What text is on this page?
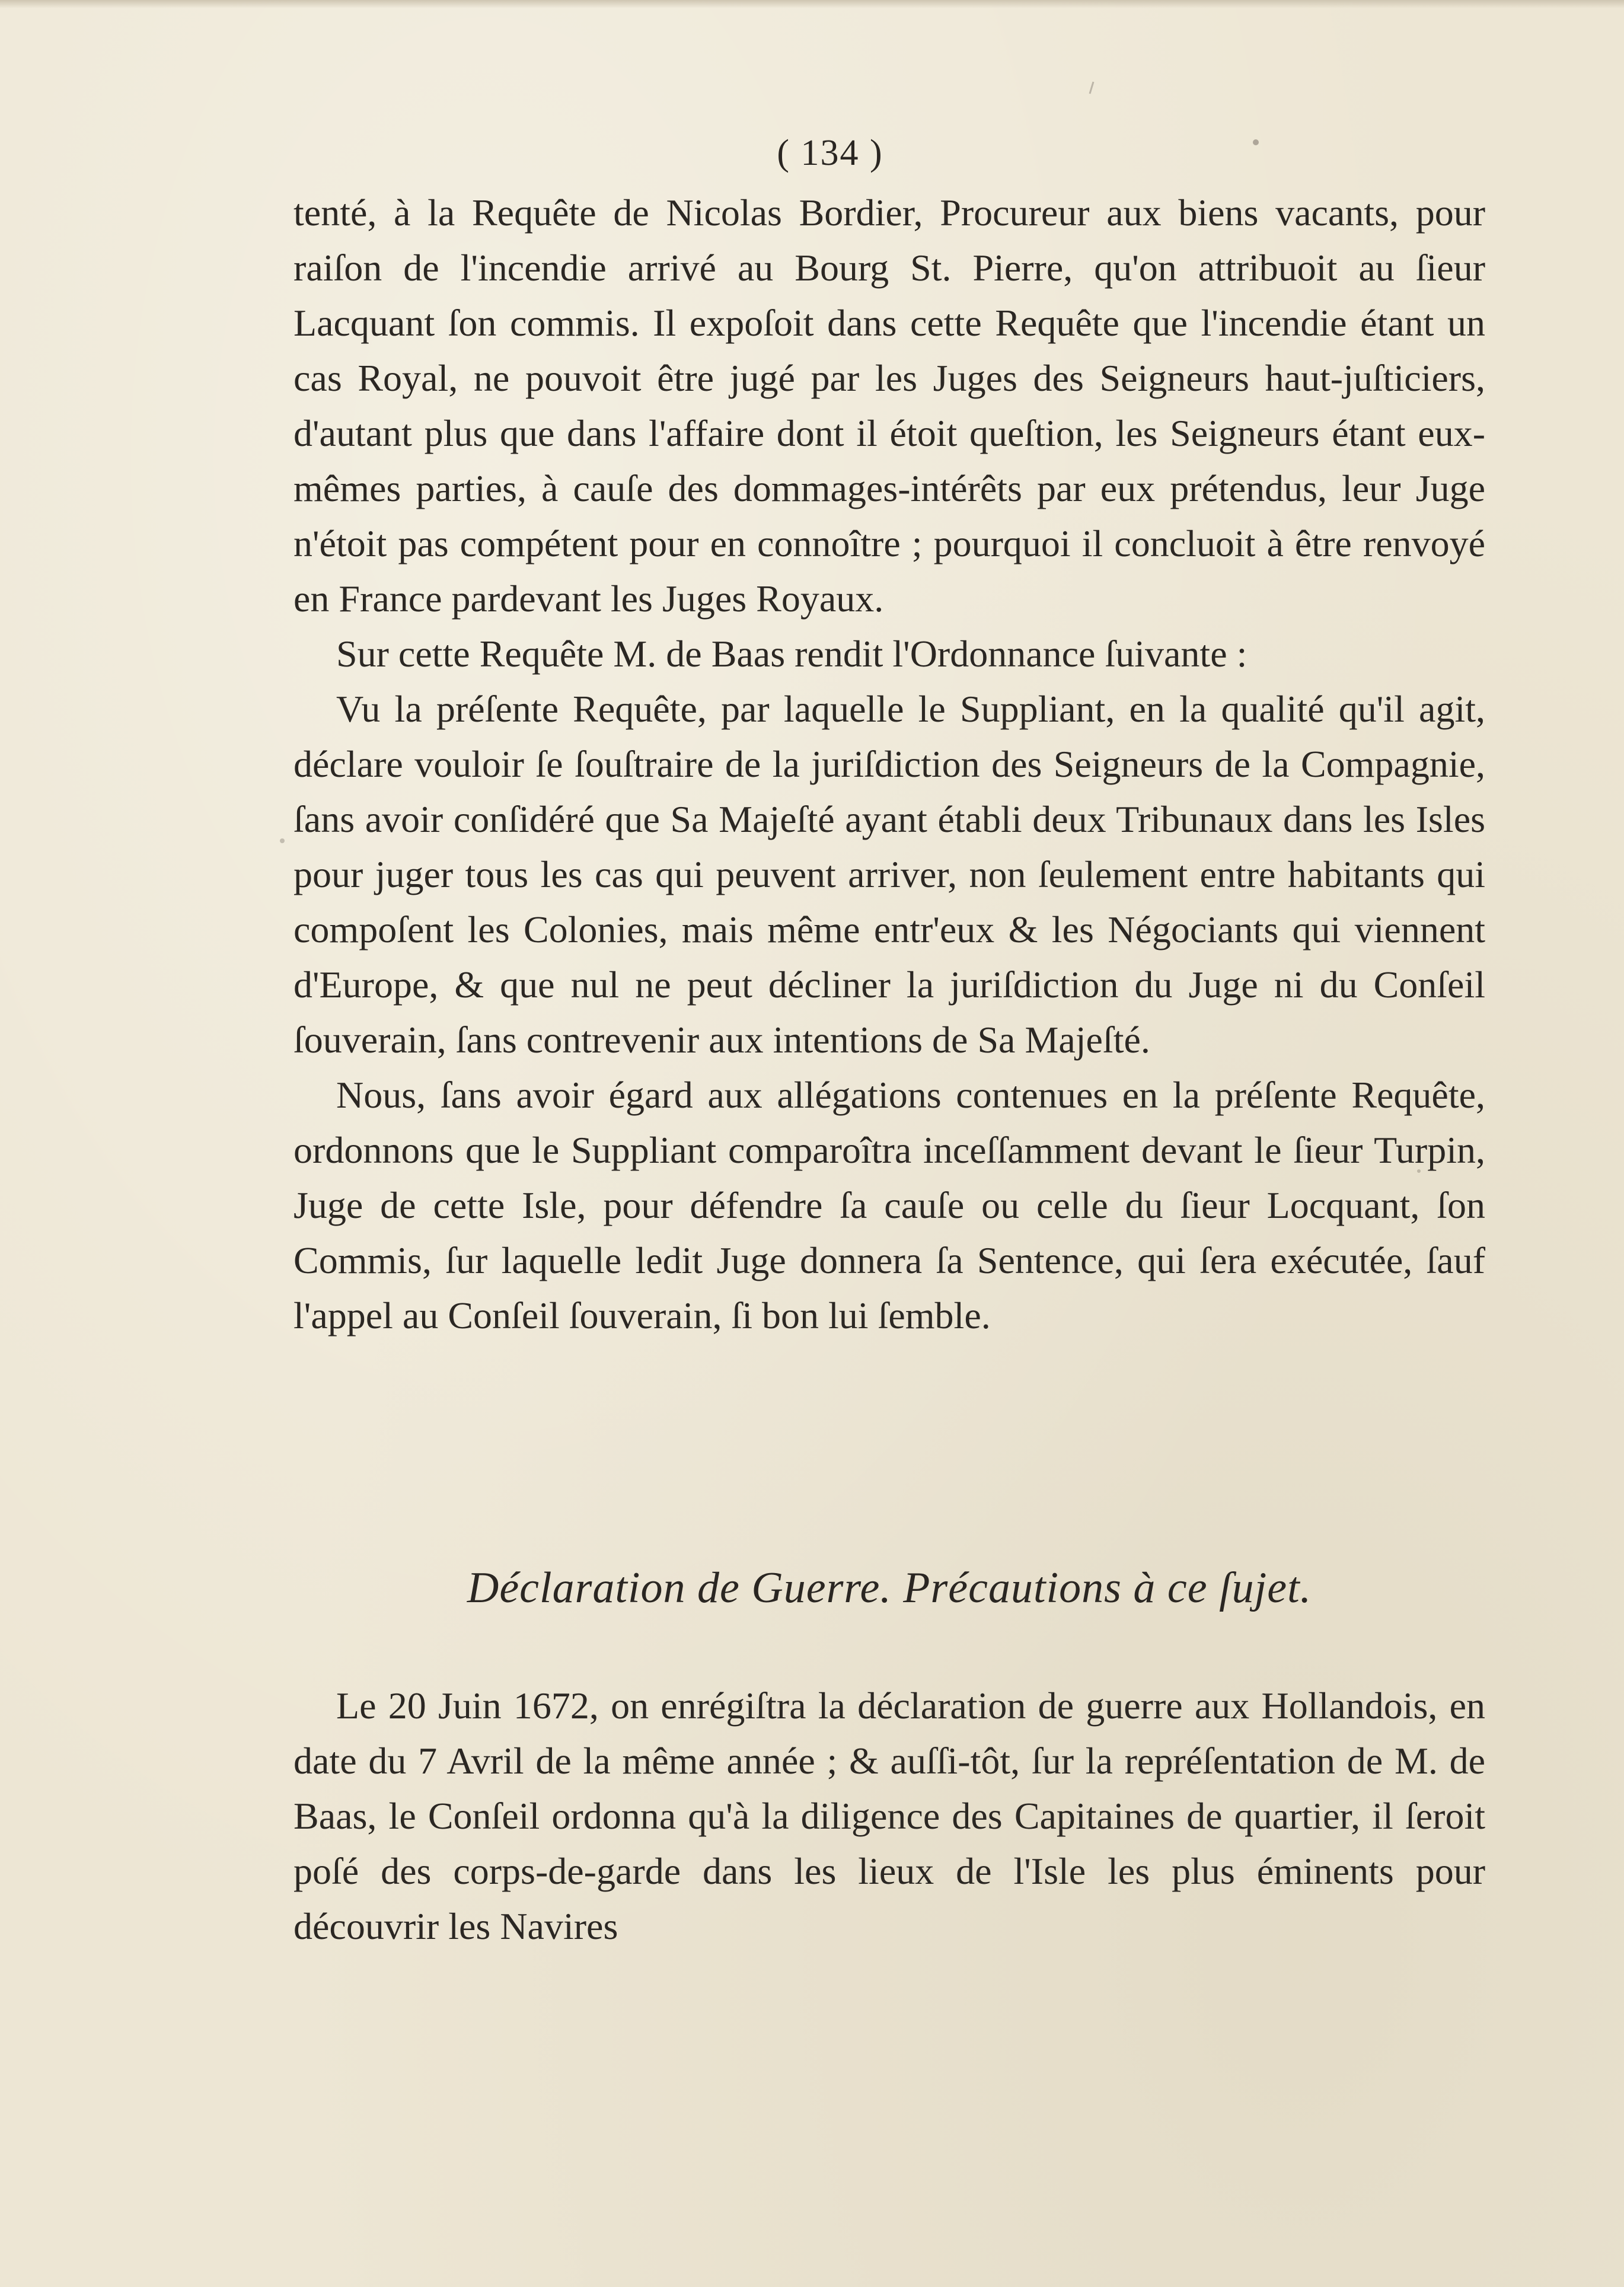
( 134 )

tenté, à la Requête de Nicolas Bordier, Procureur aux biens vacants, pour raiſon de l'incendie arrivé au Bourg St. Pierre, qu'on attribuoit au ſieur Lacquant ſon commis. Il expoſoit dans cette Requête que l'incendie étant un cas Royal, ne pouvoit être jugé par les Juges des Seigneurs haut-juſticiers, d'autant plus que dans l'affaire dont il étoit queſtion, les Seigneurs étant eux-mêmes parties, à cauſe des dommages-intérêts par eux prétendus, leur Juge n'étoit pas compétent pour en connoître ; pourquoi il concluoit à être renvoyé en France pardevant les Juges Royaux.

Sur cette Requête M. de Baas rendit l'Ordonnance ſuivante :

Vu la préſente Requête, par laquelle le Suppliant, en la qualité qu'il agit, déclare vouloir ſe ſouſtraire de la juriſdiction des Seigneurs de la Compagnie, ſans avoir conſidéré que Sa Majeſté ayant établi deux Tribunaux dans les Isles pour juger tous les cas qui peuvent arriver, non ſeulement entre habitants qui compoſent les Colonies, mais même entr'eux & les Négociants qui viennent d'Europe, & que nul ne peut décliner la juriſdiction du Juge ni du Conſeil ſouverain, ſans contrevenir aux intentions de Sa Majeſté.

Nous, ſans avoir égard aux allégations contenues en la préſente Requête, ordonnons que le Suppliant comparoîtra inceſſamment devant le ſieur Turpin, Juge de cette Isle, pour défendre ſa cauſe ou celle du ſieur Locquant, ſon Commis, ſur laquelle ledit Juge donnera ſa Sentence, qui ſera exécutée, ſauf l'appel au Conſeil ſouverain, ſi bon lui ſemble.

Déclaration de Guerre. Précautions à ce ſujet.

Le 20 Juin 1672, on enrégiſtra la déclaration de guerre aux Hollandois, en date du 7 Avril de la même année ; & auſſi-tôt, ſur la repréſentation de M. de Baas, le Conſeil ordonna qu'à la diligence des Capitaines de quartier, il ſeroit poſé des corps-de-garde dans les lieux de l'Isle les plus éminents pour découvrir les Navires
